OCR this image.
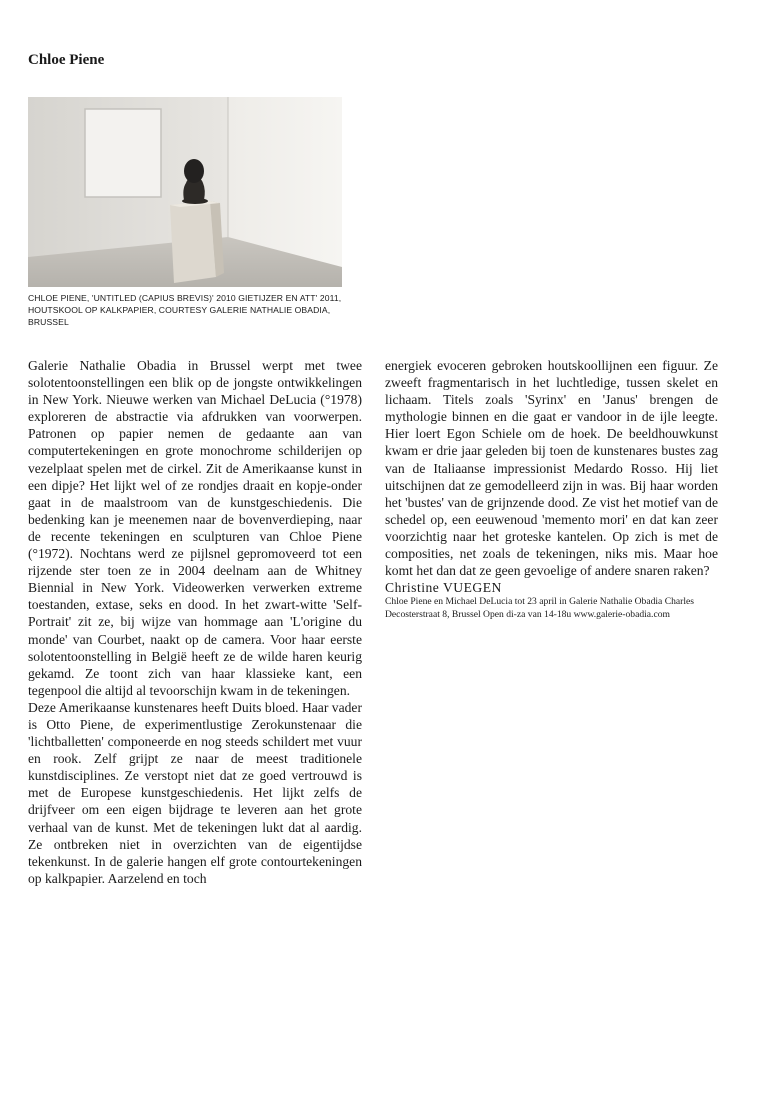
Chloe Piene
CHLOE PIENE, 'UNTITLED (CAPIUS BREVIS)' 2010 GIETIJZER EN ATT' 2011, HOUTSKOOL OP KALKPAPIER, COURTESY GALERIE NATHALIE OBADIA, BRUSSEL

Galerie Nathalie Obadia in Brussel werpt met twee solotentoonstellingen een blik op de jongste ontwikkelingen in New York. Nieuwe werken van Michael DeLucia (°1978) exploreren de abstractie via afdrukken van voorwerpen. Patronen op papier nemen de gedaante aan van computertekeningen en grote monochrome schilderijen op vezelplaat spelen met de cirkel. Zit de Amerikaanse kunst in een dipje? Het lijkt wel of ze rondjes draait en kopje-onder gaat in de maalstroom van de kunstgeschiedenis. Die bedenking kan je meenemen naar de bovenverdieping, naar de recente tekeningen en sculpturen van Chloe Piene (°1972). Nochtans werd ze pijlsnel gepromoveerd tot een rijzende ster toen ze in 2004 deelnam aan de Whitney Biennial in New York. Videowerken verwerken extreme toestanden, extase, seks en dood. In het zwart-witte 'Self-Portrait' zit ze, bij wijze van hommage aan 'L'origine du monde' van Courbet, naakt op de camera. Voor haar eerste solotentoonstelling in België heeft ze de wilde haren keurig gekamd. Ze toont zich van haar klassieke kant, een tegenpool die altijd al tevoorschijn kwam in de tekeningen.

Deze Amerikaanse kunstenares heeft Duits bloed. Haar vader is Otto Piene, de experimentlustige Zerokunstenaar die 'lichtballetten' componeerde en nog steeds schildert met vuur en rook. Zelf grijpt ze naar de meest traditionele kunstdisciplines. Ze verstopt niet dat ze goed vertrouwd is met de Europese kunstgeschiedenis. Het lijkt zelfs de drijfveer om een eigen bijdrage te leveren aan het grote verhaal van de kunst. Met de tekeningen lukt dat al aardig. Ze ontbreken niet in overzichten van de eigentijdse tekenkunst. In de galerie hangen elf grote contourtekeningen op kalkpapier. Aarzelend en toch

energiek evoceren gebroken houtskoollijnen een figuur. Ze zweeft fragmentarisch in het luchtledige, tussen skelet en lichaam. Titels zoals 'Syrinx' en 'Janus' brengen de mythologie binnen en die gaat er vandoor in de ijle leegte. Hier loert Egon Schiele om de hoek. De beeldhouwkunst kwam er drie jaar geleden bij toen de kunstenares bustes zag van de Italiaanse impressionist Medardo Rosso. Hij liet uitschijnen dat ze gemodelleerd zijn in was. Bij haar worden het 'bustes' van de grijnzende dood. Ze vist het motief van de schedel op, een eeuwenoud 'memento mori' en dat kan zeer voorzichtig naar het groteske kantelen. Op zich is met de composities, net zoals de tekeningen, niks mis. Maar hoe komt het dan dat ze geen gevoelige of andere snaren raken?

Christine VUEGEN

Chloe Piene en Michael DeLucia tot 23 april in Galerie Nathalie Obadia Charles Decosterstraat 8, Brussel Open di-za van 14-18u www.galerie-obadia.com
